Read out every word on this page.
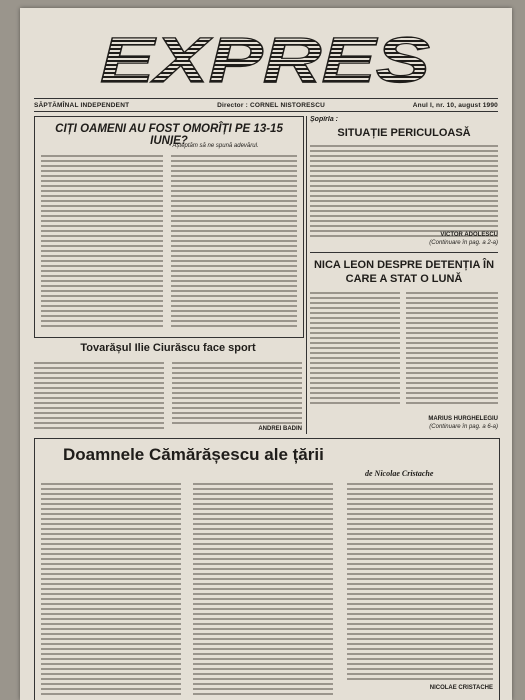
EXPRES
SĂPTĂMÎNAL INDEPENDENT	Director : CORNEL NISTORESCU	Anul I, nr. 10, august 1990
CIȚI OAMENI AU FOST OMORÎȚI PE 13-15 IUNIE?
• Așteptăm să ne spună adevărul.
Șopîrla :
SITUAȚIE PERICULOASĂ
VICTOR ADOLESCU
(Continuare în pag. a 2-a)
NICA LEON DESPRE DETENȚIA ÎN CARE A STAT O LUNĂ
MARIUS HURGHELEGIU
(Continuare în pag. a 6-a)
Tovarășul Ilie Ciurăscu face sport
ANDREI BADIN
Doamnele Cămărășescu ale țării
de Nicolae Cristache
NICOLAE CRISTACHE
